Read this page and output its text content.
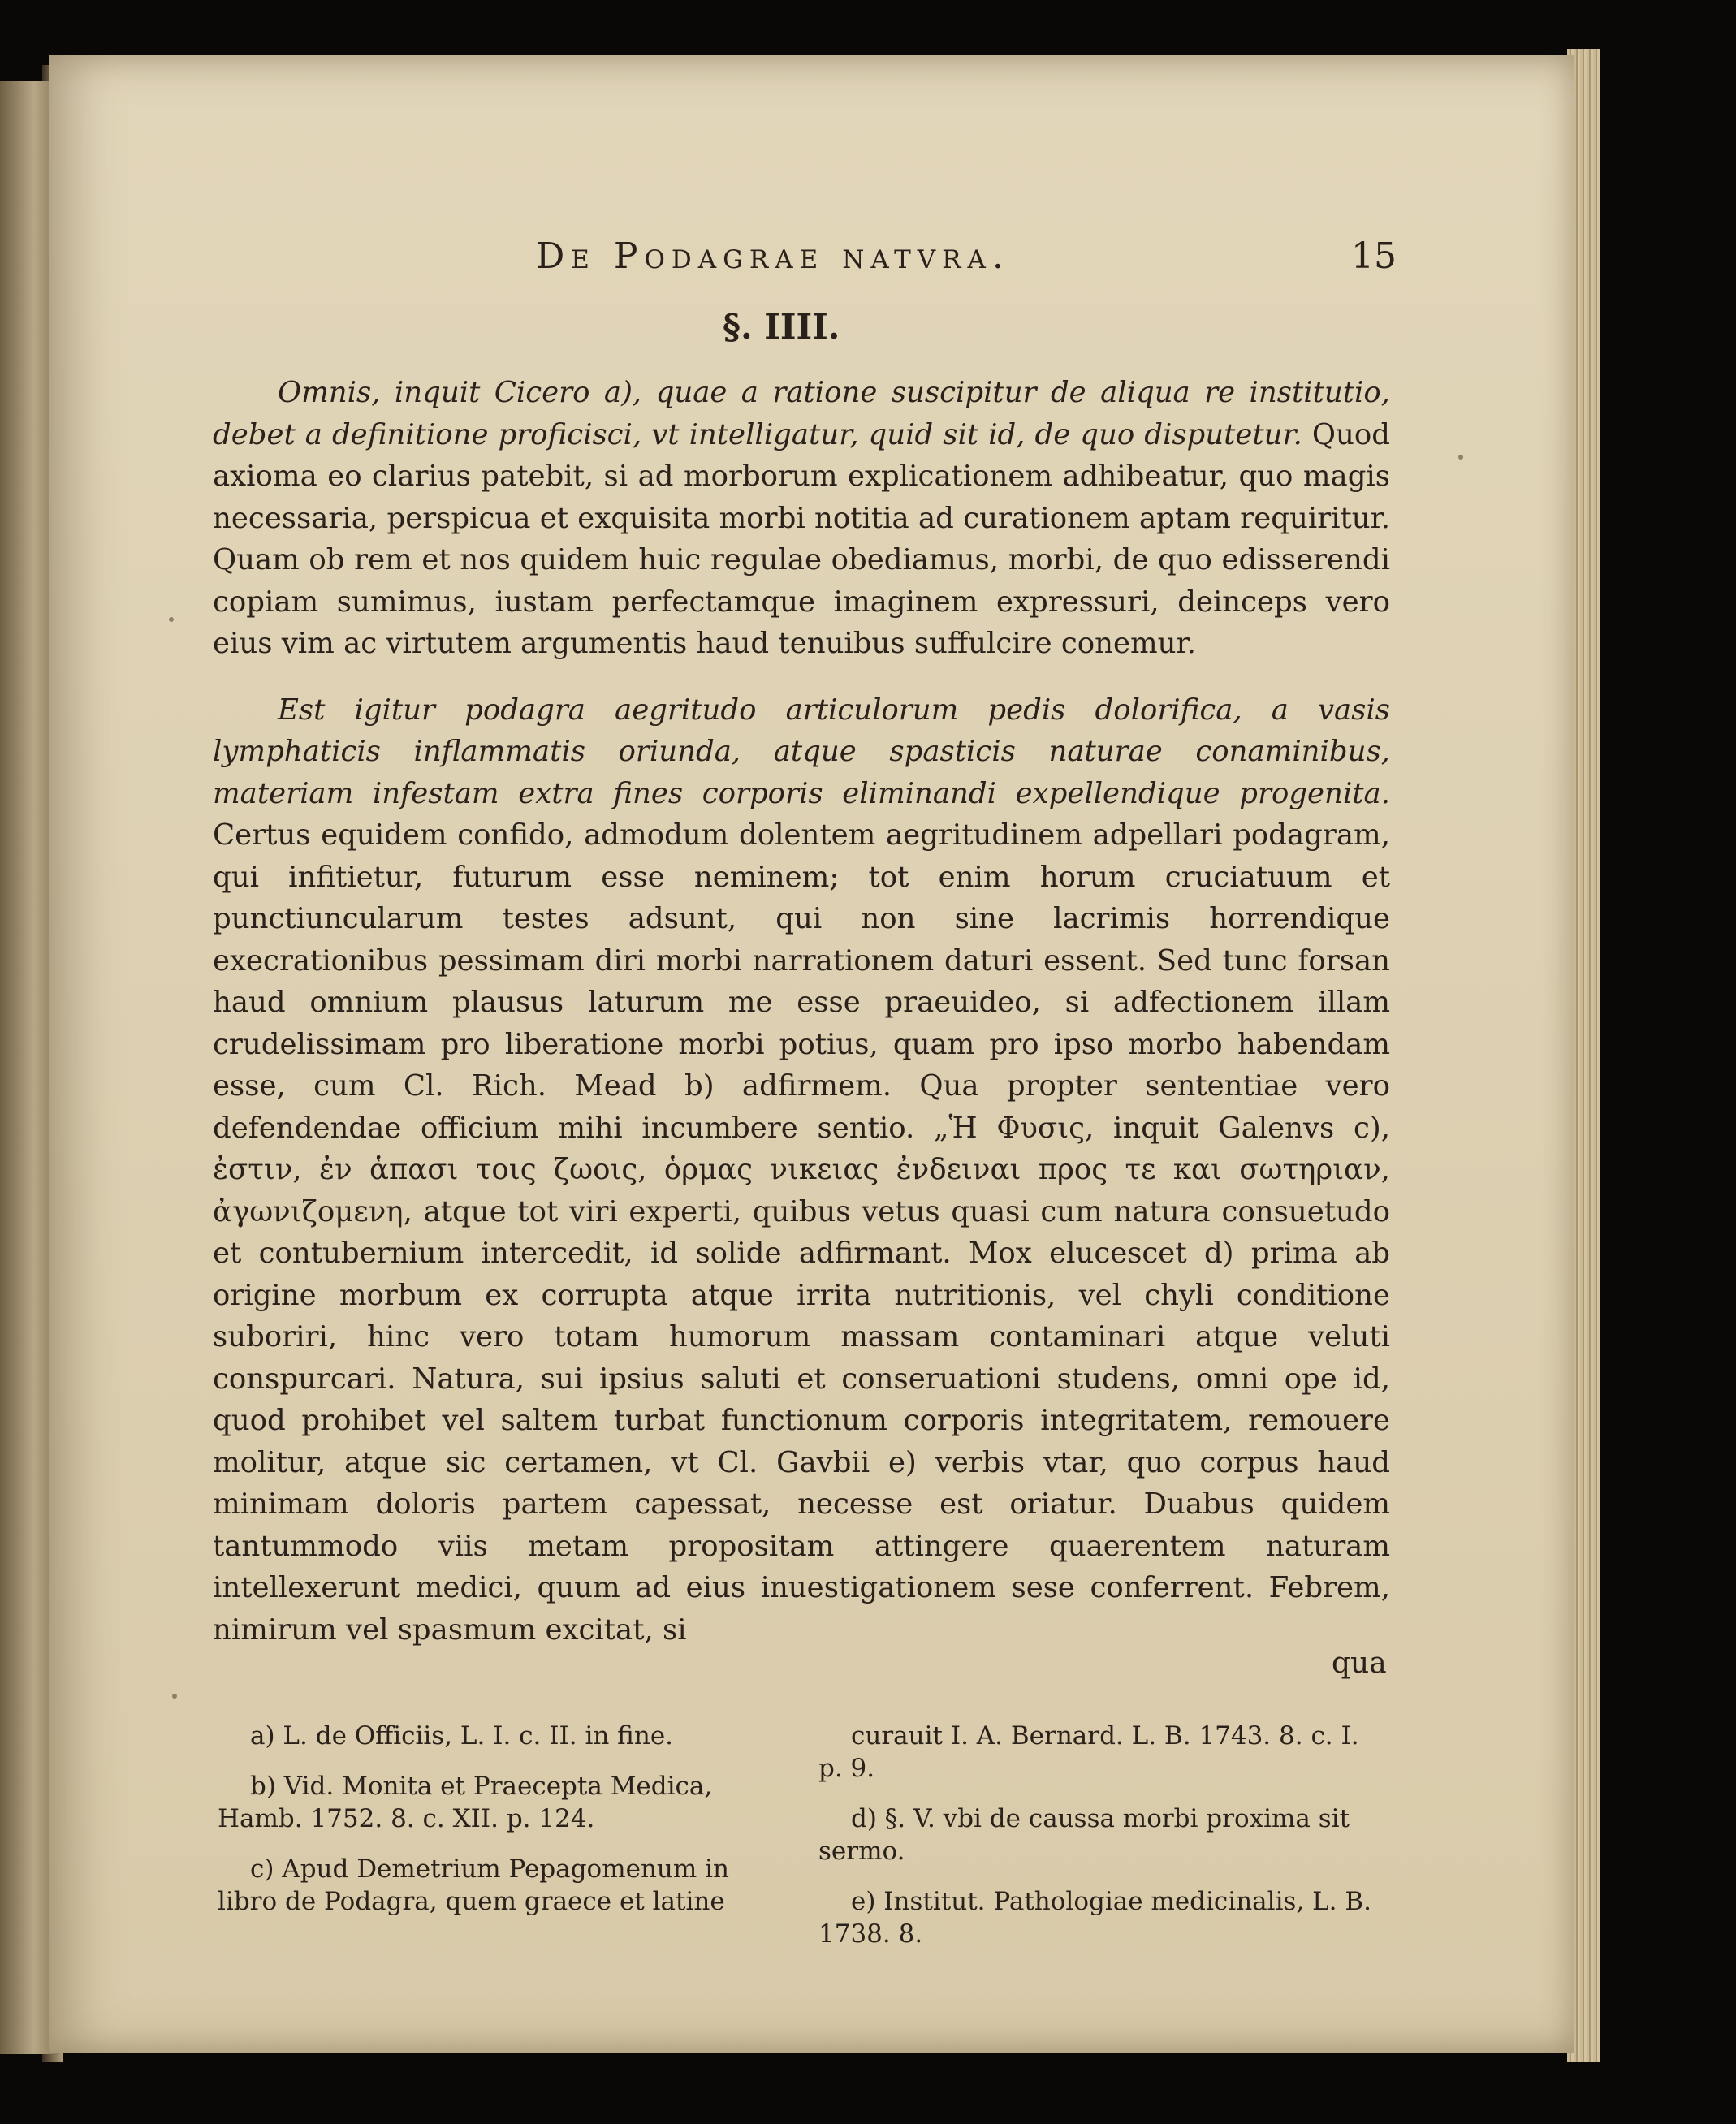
De Podagrae natvra.	15
§. IIII.

Omnis, inquit Cicero a), quae a ratione suscipitur de aliqua re institutio, debet a definitione proficisci, vt intelligatur, quid sit id, de quo disputetur. Quod axioma eo clarius patebit, si ad morborum explicationem adhibeatur, quo magis necessaria, perspicua et exquisita morbi notitia ad curationem aptam requiritur. Quam ob rem et nos quidem huic regulae obediamus, morbi, de quo edisserendi copiam sumimus, iustam perfectamque imaginem expressuri, deinceps vero eius vim ac virtutem argumentis haud tenuibus suffulcire conemur.

Est igitur podagra aegritudo articulorum pedis dolorifica, a vasis lymphaticis inflammatis oriunda, atque spasticis naturae conaminibus, materiam infestam extra fines corporis eliminandi expellendique progenita. Certus equidem confido, admodum dolentem aegritudinem adpellari podagram, qui infitietur, futurum esse neminem; tot enim horum cruciatuum et punctiuncularum testes adsunt, qui non sine lacrimis horrendique execrationibus pessimam diri morbi narrationem daturi essent. Sed tunc forsan haud omnium plausus laturum me esse praeuideo, si adfectionem illam crudelissimam pro liberatione morbi potius, quam pro ipso morbo habendam esse, cum Cl. Rich. Mead b) adfirmem. Qua propter sententiae vero defendendae officium mihi incumbere sentio. „Ἡ Φυσις, inquit Galenvs c), ἐστιν, ἐν ἁπασι τοις ζωοις, ὁρμας νικειας ἐνδειναι προς τε και σωτηριαν, ἀγωνιζομενη, atque tot viri experti, quibus vetus quasi cum natura consuetudo et contubernium intercedit, id solide adfirmant. Mox elucescet d) prima ab origine morbum ex corrupta atque irrita nutritionis, vel chyli conditione suboriri, hinc vero totam humorum massam contaminari atque veluti conspurcari. Natura, sui ipsius saluti et conseruationi studens, omni ope id, quod prohibet vel saltem turbat functionum corporis integritatem, remouere molitur, atque sic certamen, vt Cl. Gavbii e) verbis vtar, quo corpus haud minimam doloris partem capessat, necesse est oriatur. Duabus quidem tantummodo viis metam propositam attingere quaerentem naturam intellexerunt medici, quum ad eius inuestigationem sese conferrent. Febrem, nimirum vel spasmum excitat, si

qua

a) L. de Officiis, L. I. c. II. in fine.

b) Vid. Monita et Praecepta Medica, Hamb. 1752. 8. c. XII. p. 124.

c) Apud Demetrium Pepagomenum in libro de Podagra, quem graece et latine

curauit I. A. Bernard. L. B. 1743. 8. c. I. p. 9.

d) §. V. vbi de caussa morbi proxima sit sermo.

e) Institut. Pathologiae medicinalis, L. B. 1738. 8.
